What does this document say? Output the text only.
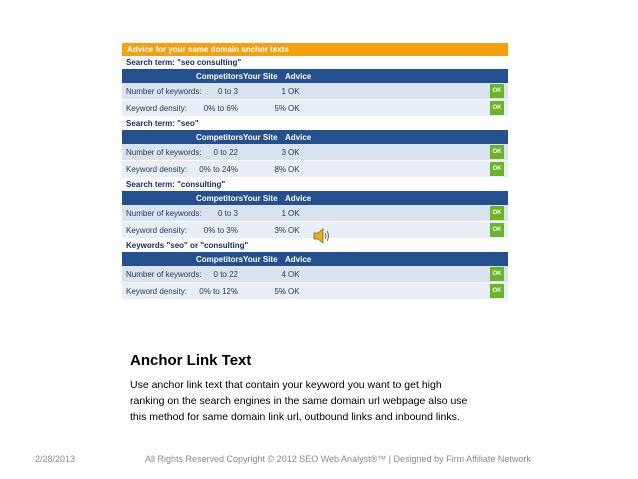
Advice for your same domain anchor texts
Search term: "seo consulting"
Competitors Your Site Advice
Number of keywords:	0 to 3	1 OK	OK
Keyword density:	0% to 6%	5% OK	OK
Search term: "seo"
Competitors Your Site Advice
Number of keywords:	0 to 22	3 OK	OK
Keyword density:	0% to 24%	8% OK	OK
Search term: "consulting"
Competitors Your Site Advice
Number of keywords:	0 to 3	1 OK	OK
Keyword density:	0% to 3%	3% OK	OK
Keywords "seo" or "consulting"
Competitors Your Site Advice
Number of keywords:	0 to 22	4 OK	OK
Keyword density:	0% to 12%	5% OK	OK
Anchor Link Text
Use anchor link text that contain your keyword you want to get high
ranking on the search engines in the same domain url webpage also use
this method for same domain link url, outbound links and inbound links.
2/28/2013	All Rights Reserved Copyright © 2012 SEO Web Analyst®™ | Designed by Firm Affiliate Network
